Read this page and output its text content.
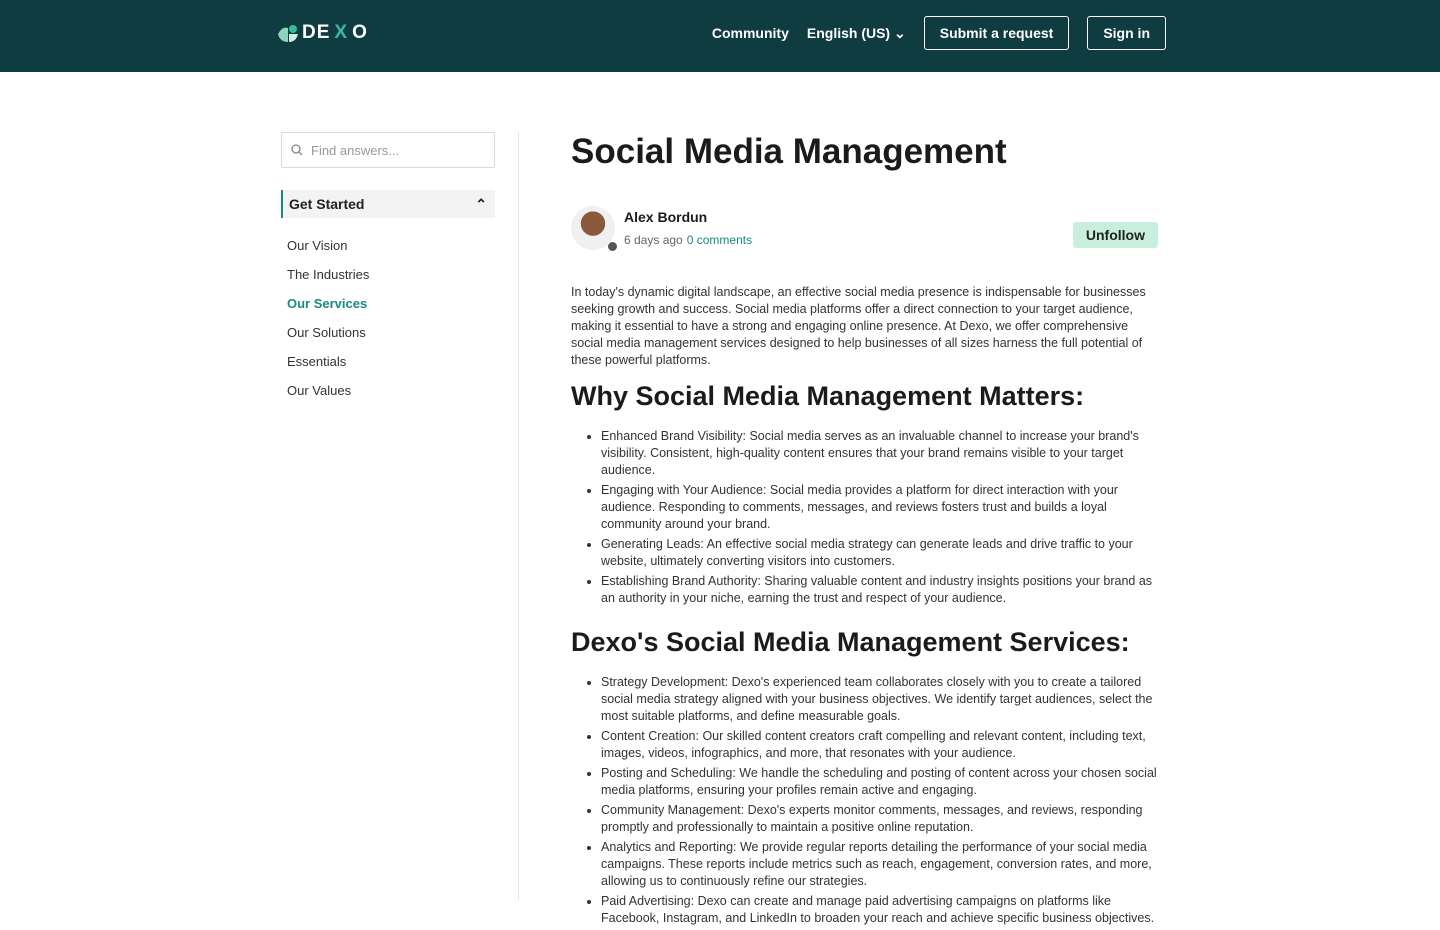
DE X O	Community English (US) ⌄	Submit a request	Sign in
Find answers...
Get Started	⌃
Our Vision
The Industries
Our Services
Our Solutions
Essentials
Our Values
Social Media Management
Alex Bordun
6 days ago 0 comments	Unfollow

In today's dynamic digital landscape, an effective social media presence is indispensable for businesses seeking growth and success. Social media platforms offer a direct connection to your target audience, making it essential to have a strong and engaging online presence. At Dexo, we offer comprehensive social media management services designed to help businesses of all sizes harness the full potential of these powerful platforms.

Why Social Media Management Matters:
• Enhanced Brand Visibility: Social media serves as an invaluable channel to increase your brand's visibility. Consistent, high-quality content ensures that your brand remains visible to your target audience.
• Engaging with Your Audience: Social media provides a platform for direct interaction with your audience. Responding to comments, messages, and reviews fosters trust and builds a loyal community around your brand.
• Generating Leads: An effective social media strategy can generate leads and drive traffic to your website, ultimately converting visitors into customers.
• Establishing Brand Authority: Sharing valuable content and industry insights positions your brand as an authority in your niche, earning the trust and respect of your audience.
Dexo's Social Media Management Services:
• Strategy Development: Dexo's experienced team collaborates closely with you to create a tailored social media strategy aligned with your business objectives. We identify target audiences, select the most suitable platforms, and define measurable goals.
• Content Creation: Our skilled content creators craft compelling and relevant content, including text, images, videos, infographics, and more, that resonates with your audience.
• Posting and Scheduling: We handle the scheduling and posting of content across your chosen social media platforms, ensuring your profiles remain active and engaging.
• Community Management: Dexo's experts monitor comments, messages, and reviews, responding promptly and professionally to maintain a positive online reputation.
• Analytics and Reporting: We provide regular reports detailing the performance of your social media campaigns. These reports include metrics such as reach, engagement, conversion rates, and more, allowing us to continuously refine our strategies.
• Paid Advertising: Dexo can create and manage paid advertising campaigns on platforms like Facebook, Instagram, and LinkedIn to broaden your reach and achieve specific business objectives.
